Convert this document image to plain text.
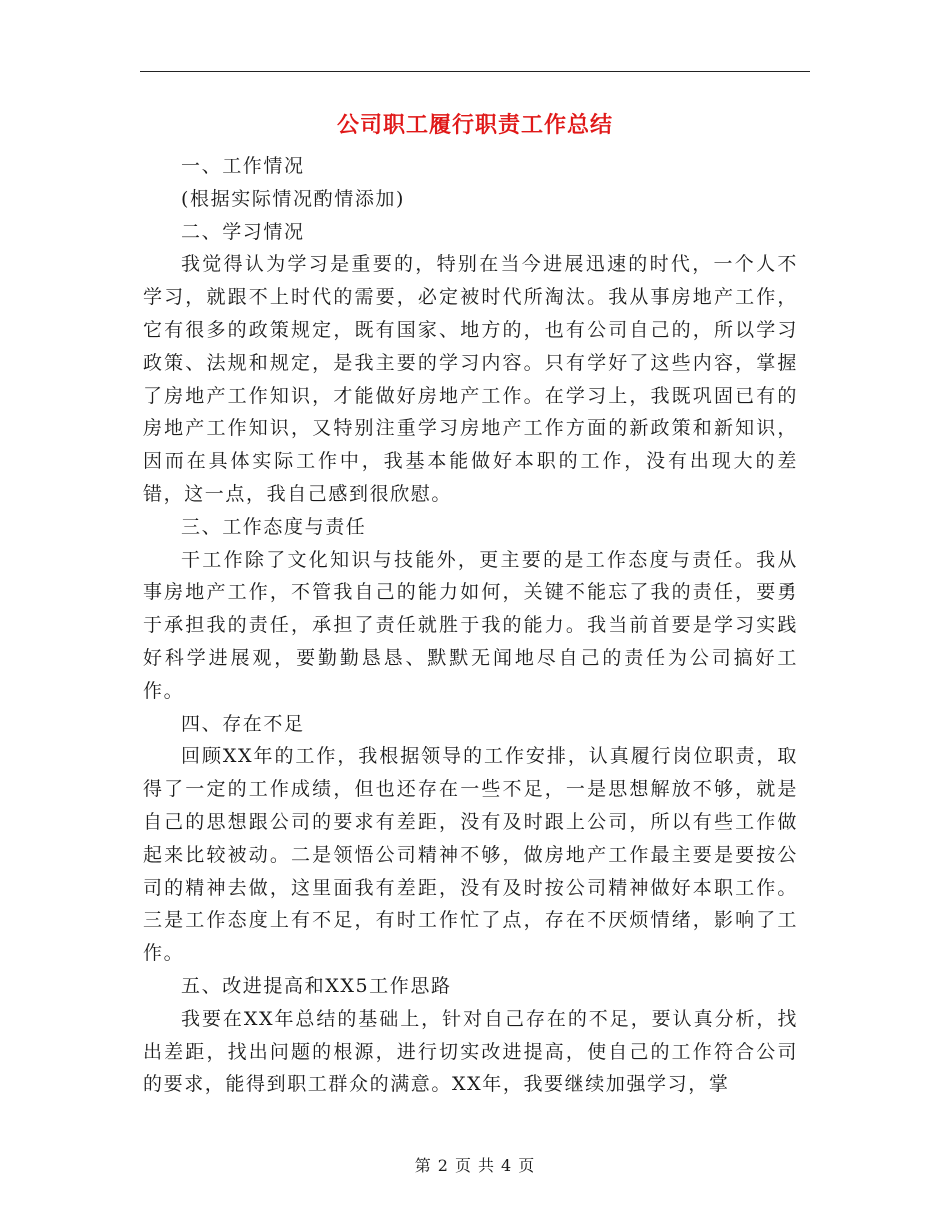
公司职工履行职责工作总结

一、工作情况

(根据实际情况酌情添加)

二、学习情况

我觉得认为学习是重要的，特别在当今进展迅速的时代，一个人不学习，就跟不上时代的需要，必定被时代所淘汰。我从事房地产工作，它有很多的政策规定，既有国家、地方的，也有公司自己的，所以学习政策、法规和规定，是我主要的学习内容。只有学好了这些内容，掌握了房地产工作知识，才能做好房地产工作。在学习上，我既巩固已有的房地产工作知识，又特别注重学习房地产工作方面的新政策和新知识，因而在具体实际工作中，我基本能做好本职的工作，没有出现大的差错，这一点，我自己感到很欣慰。

三、工作态度与责任

干工作除了文化知识与技能外，更主要的是工作态度与责任。我从事房地产工作，不管我自己的能力如何，关键不能忘了我的责任，要勇于承担我的责任，承担了责任就胜于我的能力。我当前首要是学习实践好科学进展观，要勤勤恳恳、默默无闻地尽自己的责任为公司搞好工作。

四、存在不足

回顾XX年的工作，我根据领导的工作安排，认真履行岗位职责，取得了一定的工作成绩，但也还存在一些不足，一是思想解放不够，就是自己的思想跟公司的要求有差距，没有及时跟上公司，所以有些工作做起来比较被动。二是领悟公司精神不够，做房地产工作最主要是要按公司的精神去做，这里面我有差距，没有及时按公司精神做好本职工作。三是工作态度上有不足，有时工作忙了点，存在不厌烦情绪，影响了工作。

五、改进提高和XX5工作思路

我要在XX年总结的基础上，针对自己存在的不足，要认真分析，找出差距，找出问题的根源，进行切实改进提高，使自己的工作符合公司的要求，能得到职工群众的满意。XX年，我要继续加强学习，掌

第 2 页 共 4 页
